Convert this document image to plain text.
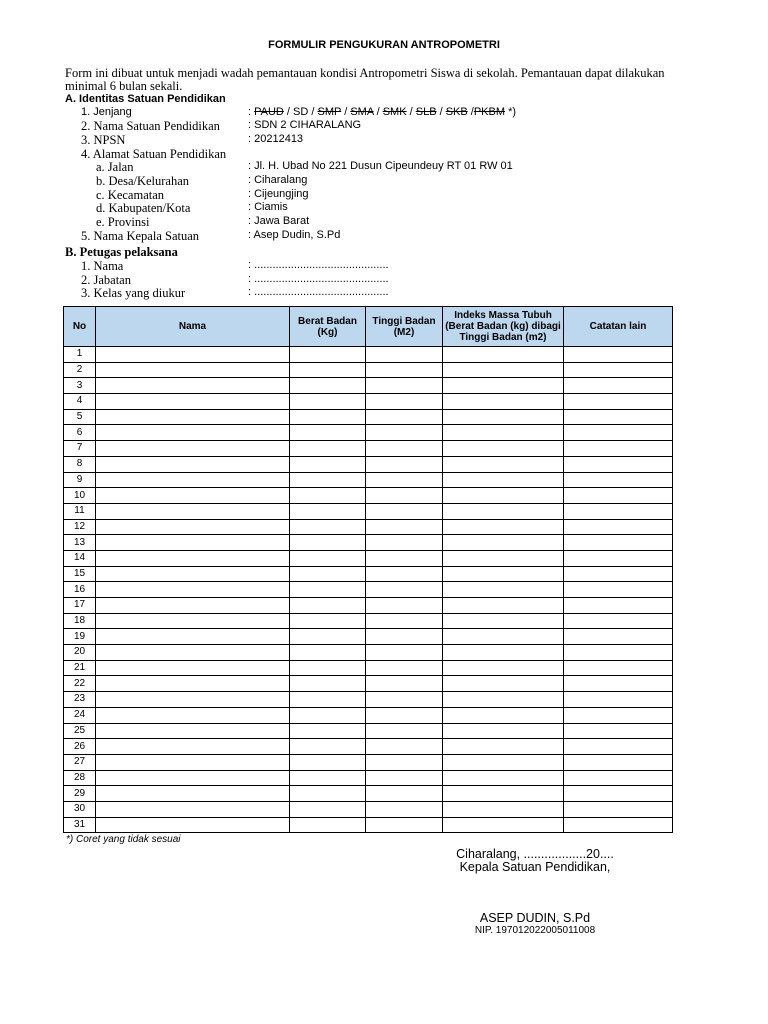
FORMULIR PENGUKURAN ANTROPOMETRI
Form ini dibuat untuk menjadi wadah pemantauan kondisi Antropometri Siswa di sekolah. Pemantauan dapat dilakukan minimal 6 bulan sekali.
A. Identitas Satuan Pendidikan
1. Jenjang	: PAUD / SD / SMP / SMA / SMK / SLB / SKB /PKBM *)
2. Nama Satuan Pendidikan	: SDN 2 CIHARALANG
3. NPSN	: 20212413
4. Alamat Satuan Pendidikan
a. Jalan	: Jl. H. Ubad No 221 Dusun Cipeundeuy RT 01 RW 01
b. Desa/Kelurahan	: Ciharalang
c. Kecamatan	: Cijeungjing
d. Kabupaten/Kota	: Ciamis
e. Provinsi	: Jawa Barat
5. Nama Kepala Satuan	: Asep Dudin, S.Pd
B. Petugas pelaksana
1. Nama	: ............................................
2. Jabatan	: ............................................
3. Kelas yang diukur	: ............................................
No	Nama	Berat Badan (Kg)	Tinggi Badan (M2)	Indeks Massa Tubuh (Berat Badan (kg) dibagi Tinggi Badan (m2)	Catatan lain
1					
2					
3					
4					
5					
6					
7					
8					
9					
10					
11					
12					
13					
14					
15					
16					
17					
18					
19					
20					
21					
22					
23					
24					
25					
26					
27					
28					
29					
30					
31					
*) Coret yang tidak sesuai
Ciharalang, ..................20....
Kepala Satuan Pendidikan,
ASEP DUDIN, S.Pd
NIP. 197012022005011008
